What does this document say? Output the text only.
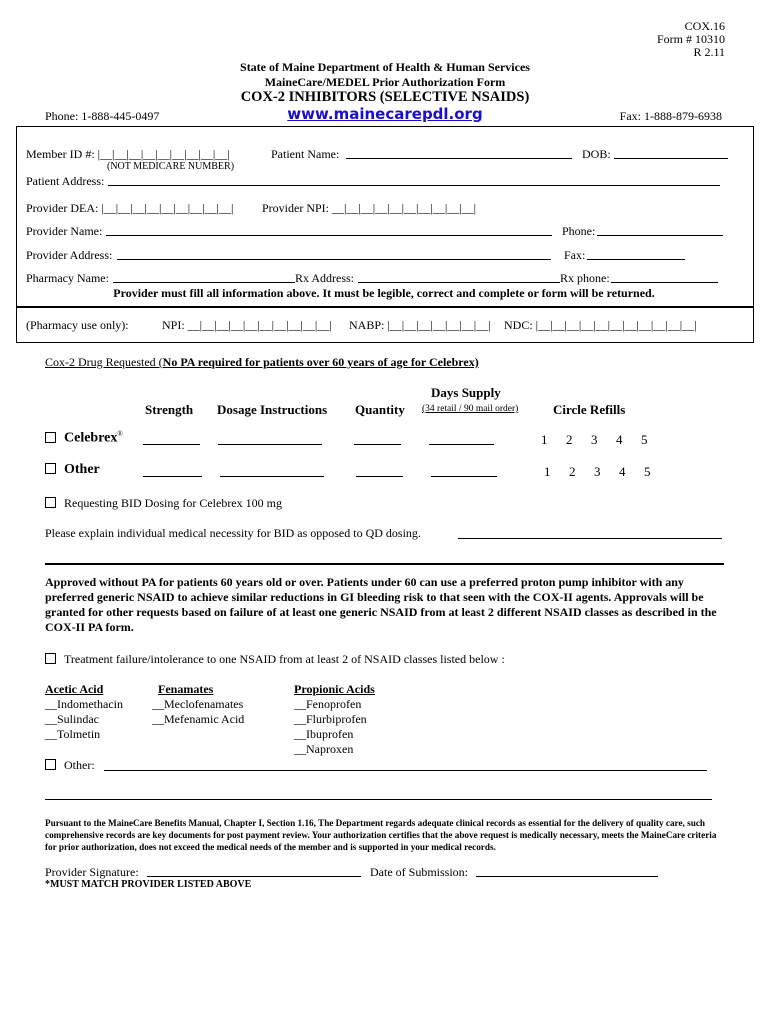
COX.16
Form # 10310
R 2.11
State of Maine Department of Health & Human Services
MaineCare/MEDEL Prior Authorization Form
COX-2 INHIBITORS (SELECTIVE NSAIDS)
Phone: 1-888-445-0497	www.mainecarepdl.org	Fax: 1-888-879-6938
Member ID #: |__|__|__|__|__|__|__|__|__|
(NOT MEDICARE NUMBER)
Patient Name:	DOB:
Patient Address:
Provider DEA: |__|__|__|__|__|__|__|__|__| Provider NPI: __|__|__|__|__|__|__|__|__|__|
Provider Name:	Phone:
Provider Address:	Fax:
Pharmacy Name:	Rx Address:	Rx phone:
Provider must fill all information above. It must be legible, correct and complete or form will be returned.
(Pharmacy use only):	NPI: __|__|__|__|__|__|__|__|__|__| NABP: |__|__|__|__|__|__|__| NDC: |__|__|__|__|__|__|__|__|__|__|__|
Cox-2 Drug Requested (No PA required for patients over 60 years of age for Celebrex)
Days Supply
Strength Dosage Instructions Quantity (34 retail / 90 mail order)	Circle Refills
Celebrex®	1 2 3 4 5
Other	1 2 3 4 5
Requesting BID Dosing for Celebrex 100 mg
Please explain individual medical necessity for BID as opposed to QD dosing.
Approved without PA for patients 60 years old or over. Patients under 60 can use a preferred proton pump inhibitor with any preferred generic NSAID to achieve similar reductions in GI bleeding risk to that seen with the COX-II agents. Approvals will be granted for other requests based on failure of at least one generic NSAID from at least 2 different NSAID classes as described in the COX-II PA form.
Treatment failure/intolerance to one NSAID from at least 2 of NSAID classes listed below :
Acetic Acid
__Indomethacin
__Sulindac
__Tolmetin
Fenamates
__Meclofenamates
__Mefenamic Acid
Propionic Acids
__Fenoprofen
__Flurbiprofen
__Ibuprofen
__Naproxen
Other:
Pursuant to the MaineCare Benefits Manual, Chapter I, Section 1.16, The Department regards adequate clinical records as essential for the delivery of quality care, such comprehensive records are key documents for post payment review. Your authorization certifies that the above request is medically necessary, meets the MaineCare criteria for prior authorization, does not exceed the medical needs of the member and is supported in your medical records.
Provider Signature:	Date of Submission:
*MUST MATCH PROVIDER LISTED ABOVE
